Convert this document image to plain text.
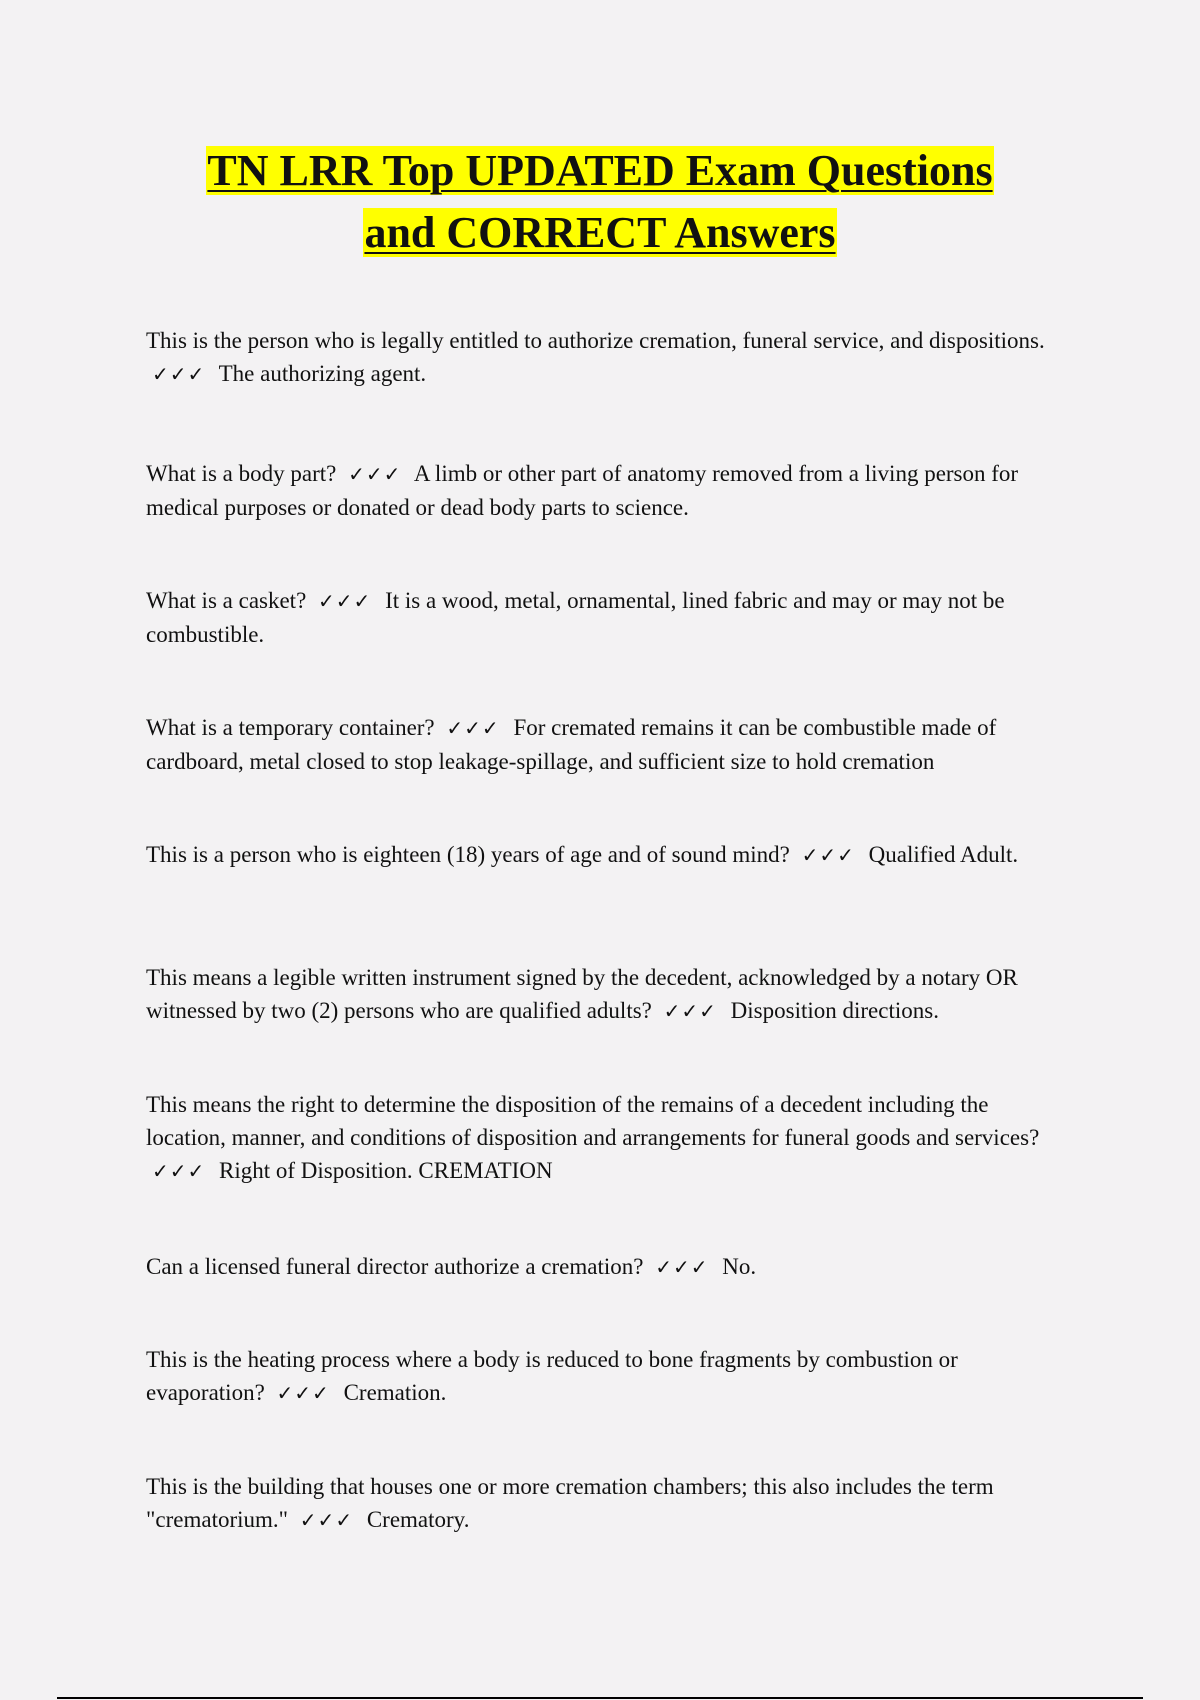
TN LRR Top UPDATED Exam Questions
and CORRECT Answers

This is the person who is legally entitled to authorize cremation, funeral service, and dispositions. ✓✓✓ The authorizing agent.

What is a body part? ✓✓✓ A limb or other part of anatomy removed from a living person for medical purposes or donated or dead body parts to science.

What is a casket? ✓✓✓ It is a wood, metal, ornamental, lined fabric and may or may not be combustible.

What is a temporary container? ✓✓✓ For cremated remains it can be combustible made of cardboard, metal closed to stop leakage-spillage, and sufficient size to hold cremation

This is a person who is eighteen (18) years of age and of sound mind? ✓✓✓ Qualified Adult.

This means a legible written instrument signed by the decedent, acknowledged by a notary OR witnessed by two (2) persons who are qualified adults? ✓✓✓ Disposition directions.

This means the right to determine the disposition of the remains of a decedent including the location, manner, and conditions of disposition and arrangements for funeral goods and services? ✓✓✓ Right of Disposition. CREMATION

Can a licensed funeral director authorize a cremation? ✓✓✓ No.

This is the heating process where a body is reduced to bone fragments by combustion or evaporation? ✓✓✓ Cremation.

This is the building that houses one or more cremation chambers; this also includes the term "crematorium." ✓✓✓ Crematory.
